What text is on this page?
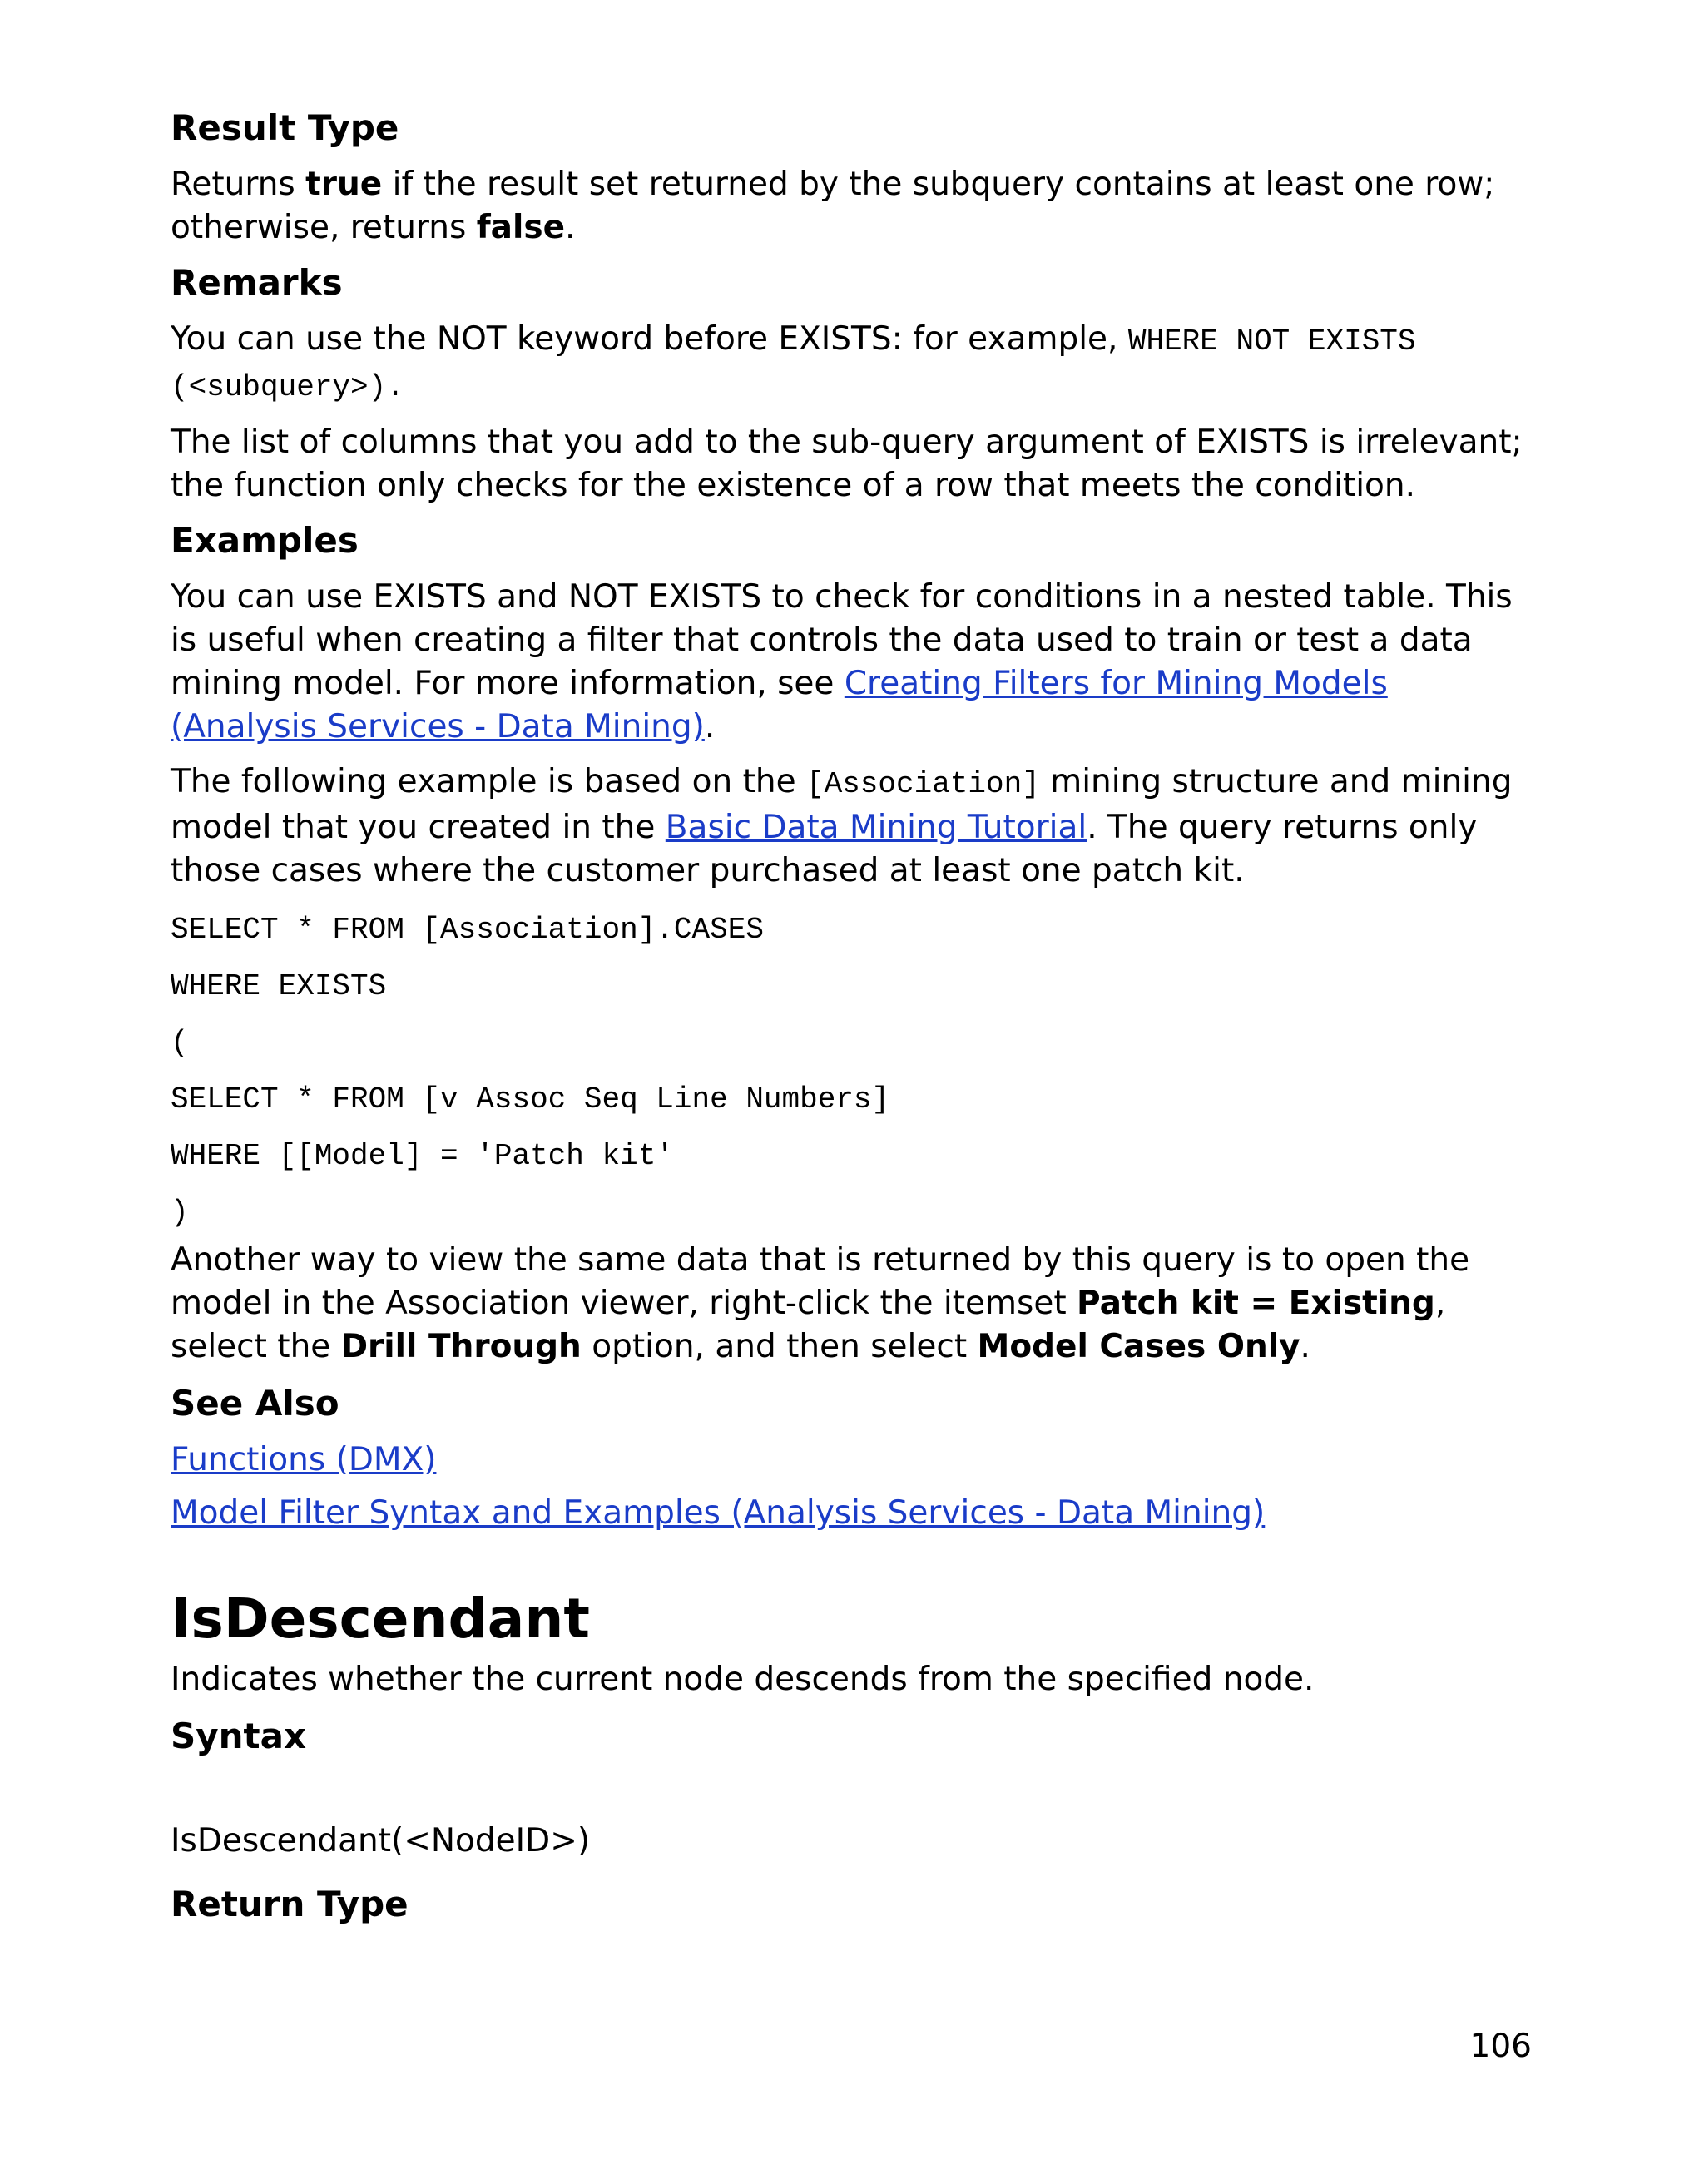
Result Type
Returns true if the result set returned by the subquery contains at least one row; otherwise, returns false.
Remarks
You can use the NOT keyword before EXISTS: for example, WHERE NOT EXISTS (<subquery>).
The list of columns that you add to the sub-query argument of EXISTS is irrelevant; the function only checks for the existence of a row that meets the condition.
Examples
You can use EXISTS and NOT EXISTS to check for conditions in a nested table. This is useful when creating a filter that controls the data used to train or test a data mining model. For more information, see Creating Filters for Mining Models (Analysis Services - Data Mining).
The following example is based on the [Association] mining structure and mining model that you created in the Basic Data Mining Tutorial. The query returns only those cases where the customer purchased at least one patch kit.
SELECT * FROM [Association].CASES
WHERE EXISTS
(
SELECT * FROM [v Assoc Seq Line Numbers]
WHERE [[Model] = 'Patch kit'
)
Another way to view the same data that is returned by this query is to open the model in the Association viewer, right-click the itemset Patch kit = Existing, select the Drill Through option, and then select Model Cases Only.
See Also
Functions (DMX)
Model Filter Syntax and Examples (Analysis Services - Data Mining)
IsDescendant
Indicates whether the current node descends from the specified node.
Syntax
IsDescendant(<NodeID>)
Return Type
106
